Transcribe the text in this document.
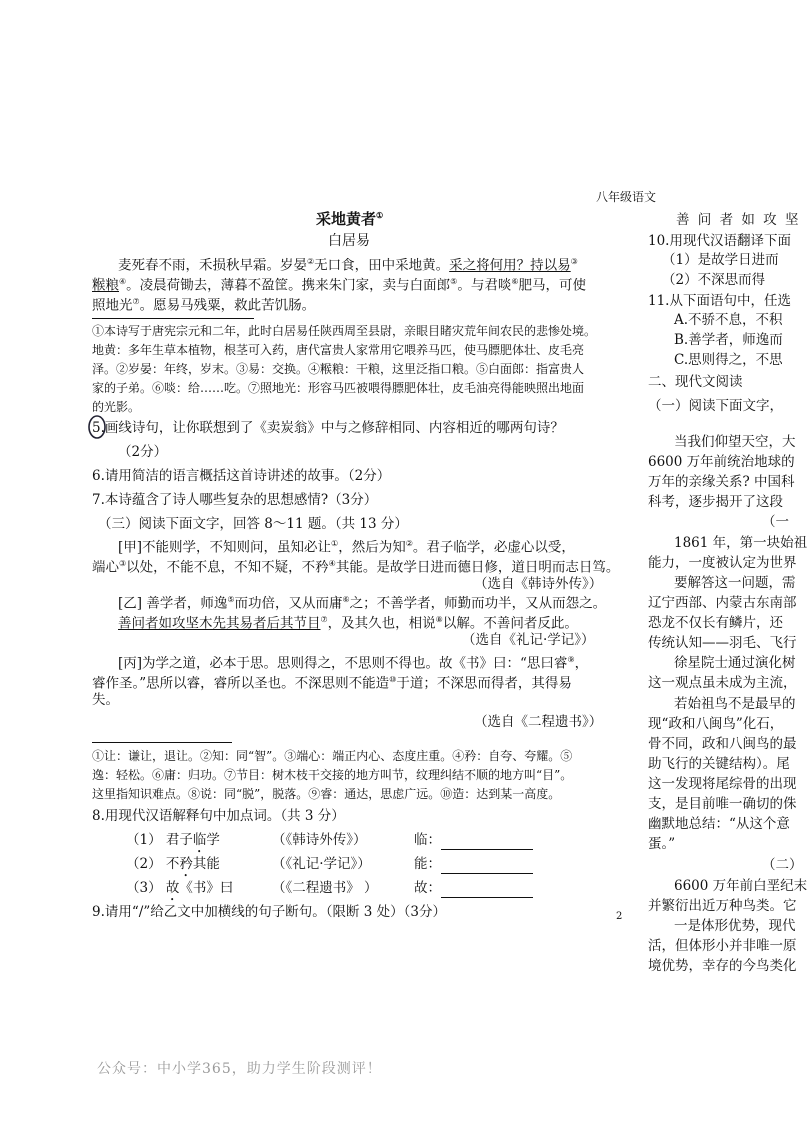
八年级语文
采地黄者①
白居易
麦死春不雨，禾损秋早霜。岁晏②无口食，田中采地黄。采之将何用？持以易③
糇粮④。凌晨荷锄去，薄暮不盈筐。携来朱门家，卖与白面郎⑤。与君啖⑥肥马，可使
照地光⑦。愿易马残粟，救此苦饥肠。
①本诗写于唐宪宗元和二年，此时白居易任陕西周至县尉，亲眼目睹灾荒年间农民的悲惨处境。
地黄：多年生草本植物，根茎可入药，唐代富贵人家常用它喂养马匹，使马膘肥体壮、皮毛亮
泽。②岁晏：年终，岁末。③易：交换。④糇粮：干粮，这里泛指口粮。⑤白面郎：指富贵人
家的子弟。⑥啖：给……吃。⑦照地光：形容马匹被喂得膘肥体壮，皮毛油亮得能映照出地面
的光影。
5.
画线诗句，让你联想到了《卖炭翁》中与之修辞相同、内容相近的哪两句诗？
（2分）
6.请用简洁的语言概括这首诗讲述的故事。（2分）
7.本诗蕴含了诗人哪些复杂的思想感情?（3分）
（三）阅读下面文字，回答 8～11 题。（共 13 分）
[甲]不能则学，不知则问，虽知必让①，然后为知②。君子临学，必虚心以受，
端心③以处，不能不息，不知不疑，不矜④其能。是故学日进而德日修，道日明而志日笃。
（选自《韩诗外传》）
[乙] 善学者，师逸⑤而功倍，又从而庸⑥之；不善学者，师勤而功半，又从而怨之。
善问者如攻坚木先其易者后其节目⑦，及其久也，相说⑧以解。不善问者反此。
（选自《礼记·学记》）
[丙]为学之道，必本于思。思则得之，不思则不得也。故《书》曰：“思曰睿⑨，
睿作圣。”思所以睿，睿所以圣也。不深思则不能造⑩于道；不深思而得者，其得易
失。
（选自《二程遗书》）
①让：谦让，退让。②知：同“智”。③端心：端正内心、态度庄重。④矜：自夸、夸耀。⑤
逸：轻松。⑥庸：归功。⑦节目：树木枝干交接的地方叫节，纹理纠结不顺的地方叫“目”。
这里指知识难点。⑧说：同“脱”，脱落。⑨睿：通达，思虑广远。⑩造：达到某一高度。
8.用现代汉语解释句中加点词。（共 3 分）
（1） 君子临学	（《韩诗外传》）	临：
（2） 不矜其能	（《礼记·学记》）	能：
（3） 故《书》曰	（《二程遗书》 ）	故：
9.请用“/”给乙文中加横线的句子断句。（限断 3 处）（3分）
善 问 者 如 攻 坚
10.用现代汉语翻译下面
（1）是故学日进而
（2）不深思而得
11.从下面语句中，任选
A.不骄不息，不积
B.善学者，师逸而
C.思则得之，不思
二、现代文阅读
（一）阅读下面文字，
当我们仰望天空，大
6600 万年前统治地球的
万年的亲缘关系? 中国科
科考，逐步揭开了这段
（一
1861 年，第一块始祖
能力，一度被认定为世界
要解答这一问题，需
辽宁西部、内蒙古东南部
恐龙不仅长有鳞片，还
传统认知——羽毛、飞行
徐星院士通过演化树
这一观点虽未成为主流，
若始祖鸟不是最早的
现“政和八闽鸟”化石，
骨不同，政和八闽鸟的最
助飞行的关键结构）。尾
这一发现将尾综骨的出现
支，是目前唯一确切的侏
幽默地总结：“从这个意
蛋。”
（二）
6600 万年前白垩纪末
并繁衍出近万种鸟类。它
一是体形优势，现代
活，但体形小并非唯一原
境优势，幸存的今鸟类化
2
公众号：中小学365，助力学生阶段测评！
